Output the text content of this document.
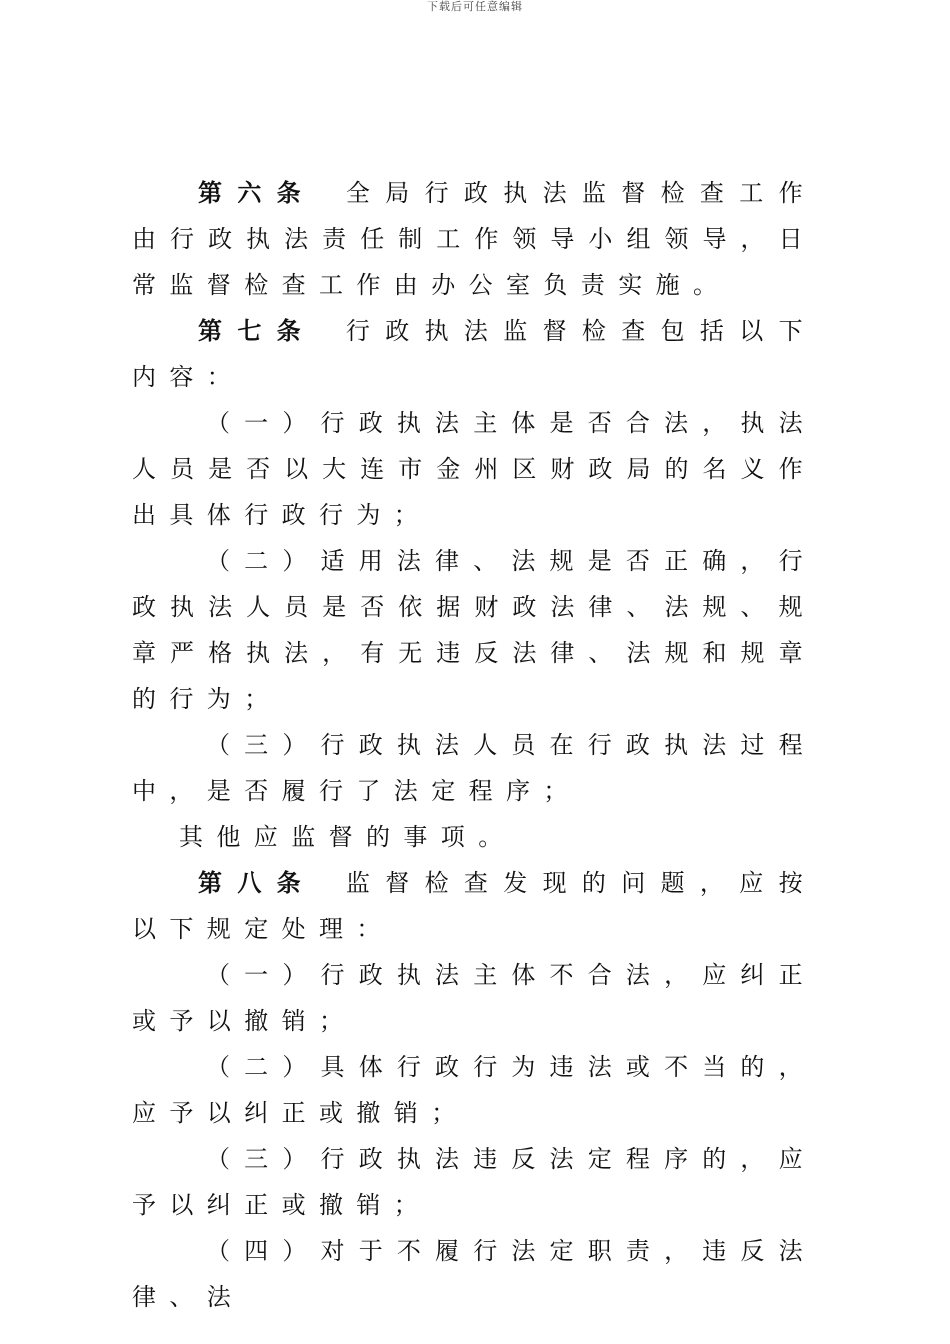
下载后可任意编辑

第六条 全局行政执法监督检查工作由行政执法责任制工作领导小组领导，日常监督检查工作由办公室负责实施。

第七条 行政执法监督检查包括以下内容：

（一）行政执法主体是否合法，执法人员是否以大连市金州区财政局的名义作出具体行政行为；

（二）适用法律、法规是否正确，行政执法人员是否依据财政法律、法规、规章严格执法，有无违反法律、法规和规章的行为；

（三）行政执法人员在行政执法过程中，是否履行了法定程序；

其他应监督的事项。

第八条 监督检查发现的问题，应按以下规定处理：

（一）行政执法主体不合法，应纠正或予以撤销；

（二）具体行政行为违法或不当的，应予以纠正或撤销；

（三）行政执法违反法定程序的，应予以纠正或撤销；

（四）对于不履行法定职责，违反法律、法
